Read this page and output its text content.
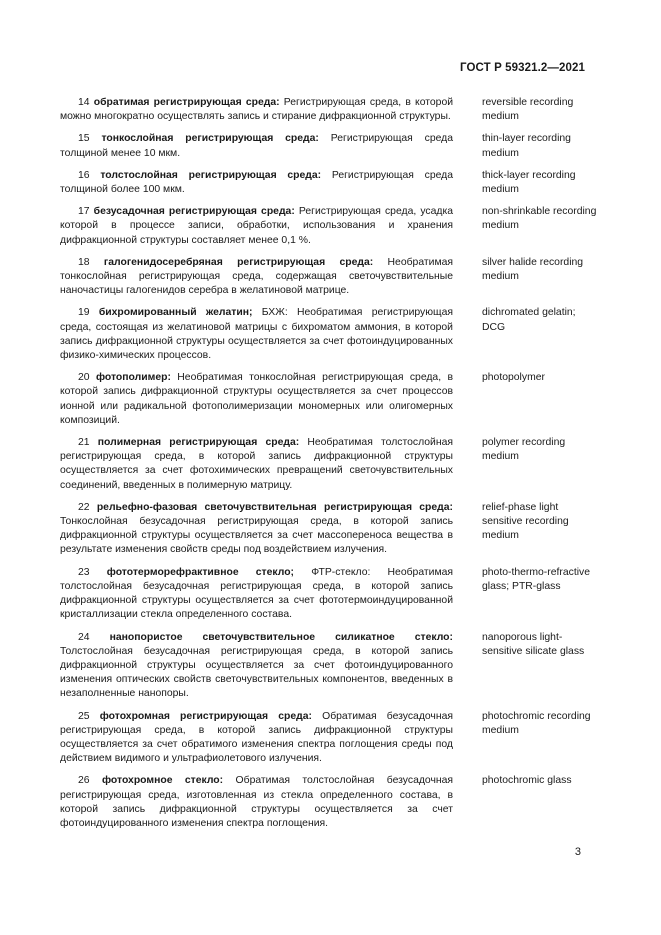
ГОСТ Р 59321.2—2021
14 обратимая регистрирующая среда: Регистрирующая среда, в которой можно многократно осуществлять запись и стирание дифракционной структуры.
reversible recording medium
15 тонкослойная регистрирующая среда: Регистрирующая среда толщиной менее 10 мкм.
thin-layer recording medium
16 толстослойная регистрирующая среда: Регистрирующая среда толщиной более 100 мкм.
thick-layer recording medium
17 безусадочная регистрирующая среда: Регистрирующая среда, усадка которой в процессе записи, обработки, использования и хранения дифракционной структуры составляет менее 0,1 %.
non-shrinkable recording medium
18 галогенидосеребряная регистрирующая среда: Необратимая тонкослойная регистрирующая среда, содержащая светочувствительные наночастицы галогенидов серебра в желатиновой матрице.
silver halide recording medium
19 бихромированный желатин; БХЖ: Необратимая регистрирующая среда, состоящая из желатиновой матрицы с бихроматом аммония, в которой запись дифракционной структуры осуществляется за счет фотоиндуцированных физико-химических процессов.
dichromated gelatin; DCG
20 фотополимер: Необратимая тонкослойная регистрирующая среда, в которой запись дифракционной структуры осуществляется за счет процессов ионной или радикальной фотополимеризации мономерных или олигомерных композиций.
photopolymer
21 полимерная регистрирующая среда: Необратимая толстослойная регистрирующая среда, в которой запись дифракционной структуры осуществляется за счет фотохимических превращений светочувствительных соединений, введенных в полимерную матрицу.
polymer recording medium
22 рельефно-фазовая светочувствительная регистрирующая среда: Тонкослойная безусадочная регистрирующая среда, в которой запись дифракционной структуры осуществляется за счет массопереноса вещества в результате изменения свойств среды под воздействием излучения.
relief-phase light sensitive recording medium
23 фототерморефрактивное стекло; ФТР-стекло: Необратимая толстослойная безусадочная регистрирующая среда, в которой запись дифракционной структуры осуществляется за счет фототермоиндуцированной кристаллизации стекла определенного состава.
photo-thermo-refractive glass; PTR-glass
24 нанопористое светочувствительное силикатное стекло: Толстослойная безусадочная регистрирующая среда, в которой запись дифракционной структуры осуществляется за счет фотоиндуцированного изменения оптических свойств светочувствительных компонентов, введенных в незаполненные нанопоры.
nanoporous light-sensitive silicate glass
25 фотохромная регистрирующая среда: Обратимая безусадочная регистрирующая среда, в которой запись дифракционной структуры осуществляется за счет обратимого изменения спектра поглощения среды под действием видимого и ультрафиолетового излучения.
photochromic recording medium
26 фотохромное стекло: Обратимая толстослойная безусадочная регистрирующая среда, изготовленная из стекла определенного состава, в которой запись дифракционной структуры осуществляется за счет фотоиндуцированного изменения спектра поглощения.
photochromic glass
3
